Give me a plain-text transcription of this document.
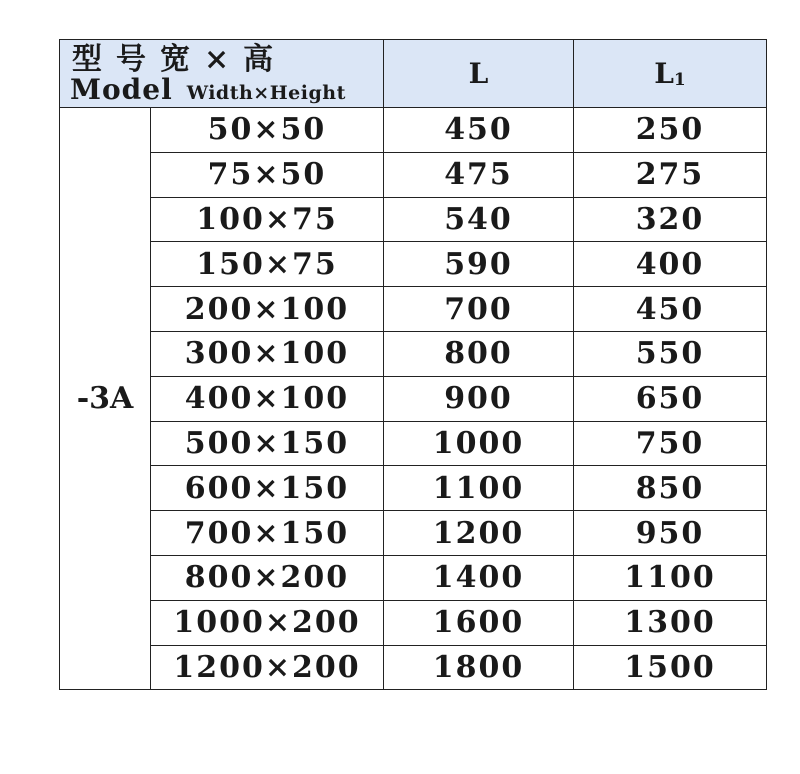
型号宽×高
Model Width×Height		L	$L_1$
-3A	50×50	450	250
	75×50	475	275
	100×75	540	320
	150×75	590	400
	200×100	700	450
	300×100	800	550
	400×100	900	650
	500×150	1000	750
	600×150	1100	850
	700×150	1200	950
	800×200	1400	1100
	1000×200	1600	1300
	1200×200	1800	1500
